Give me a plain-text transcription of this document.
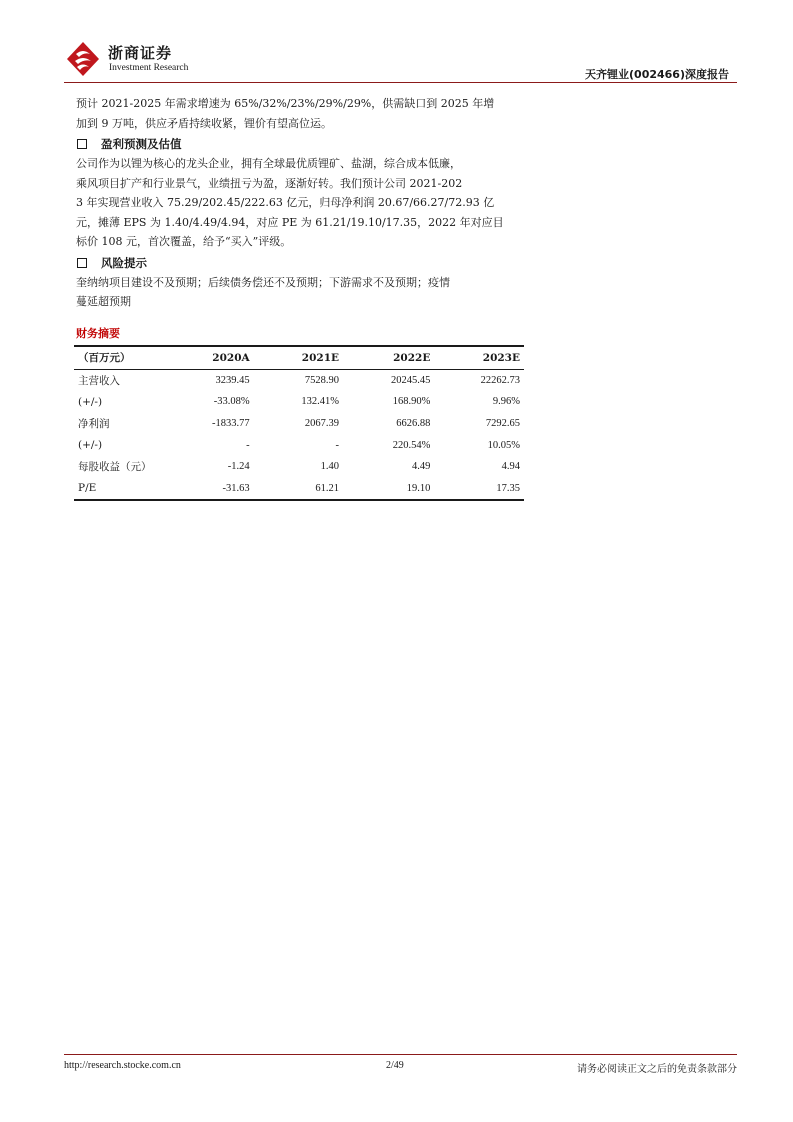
浙商证券
Investment Research	天齐锂业(002466)深度报告

预计 2021-2025 年需求增速为 65%/32%/23%/29%/29%，供需缺口到 2025 年增
加到 9 万吨，供应矛盾持续收紧，锂价有望高位运。

盈利预测及估值

公司作为以锂为核心的龙头企业，拥有全球最优质锂矿、盐湖，综合成本低廉，
乘风项目扩产和行业景气，业绩扭亏为盈，逐渐好转。我们预计公司 2021-202
3 年实现营业收入 75.29/202.45/222.63 亿元，归母净利润 20.67/66.27/72.93 亿
元，摊薄 EPS 为 1.40/4.49/4.94，对应 PE 为 61.21/19.10/17.35，2022 年对应目
标价 108 元，首次覆盖，给予“买入”评级。

风险提示

奎纳纳项目建设不及预期；后续债务偿还不及预期；下游需求不及预期；疫情
蔓延超预期

财务摘要
（百万元）	2020A	2021E	2022E	2023E
主营收入	3239.45	7528.90	20245.45	22262.73
(+/-)	-33.08%	132.41%	168.90%	9.96%
净利润	-1833.77	2067.39	6626.88	7292.65
(+/-)	-	-	220.54%	10.05%
每股收益（元）	-1.24	1.40	4.49	4.94
P/E	-31.63	61.21	19.10	17.35
http://research.stocke.com.cn	2/49	请务必阅读正文之后的免责条款部分
